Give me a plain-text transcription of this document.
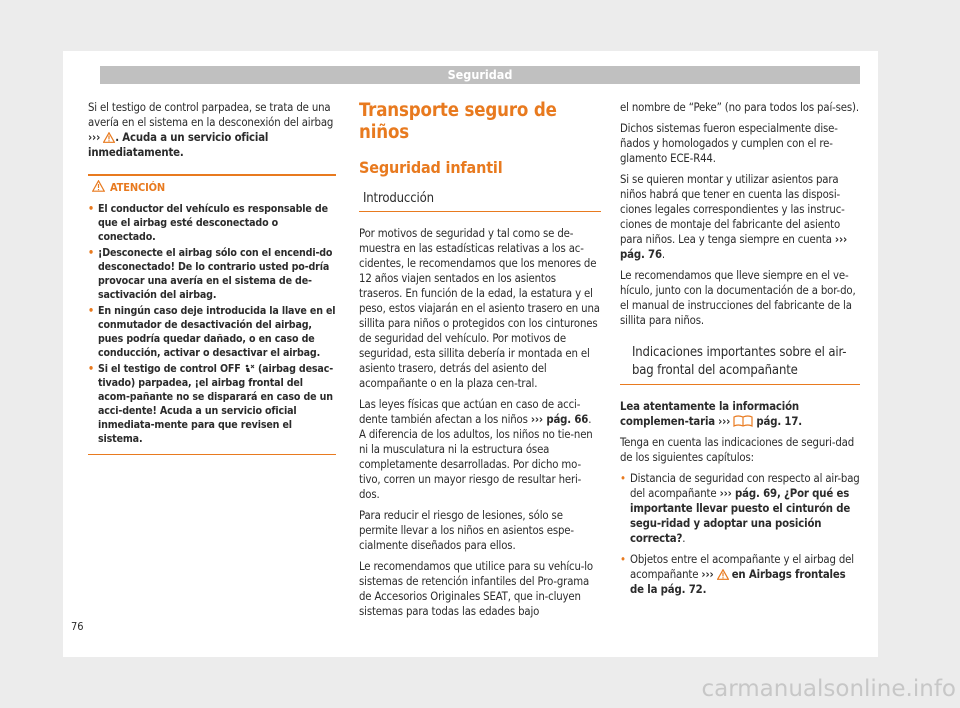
Seguridad

Si el testigo de control parpadea, se trata de una avería en el sistema en la desconexión del airbag ››› . Acuda a un servicio oficial inmediatamente.

ATENCIÓN
• El conductor del vehículo es responsable de que el airbag esté desconectado o conectado.
• ¡Desconecte el airbag sólo con el encendi-do desconectado! De lo contrario usted po-dría provocar una avería en el sistema de de-sactivación del airbag.
• En ningún caso deje introducida la llave en el conmutador de desactivación del airbag, pues podría quedar dañado, o en caso de conducción, activar o desactivar el airbag.
• Si el testigo de control OFF (airbag desac-tivado) parpadea, ¡el airbag frontal del acom-pañante no se disparará en caso de un acci-dente! Acuda a un servicio oficial inmediata-mente para que revisen el sistema.
Transporte seguro de niños
Seguridad infantil
Introducción

Por motivos de seguridad y tal como se de-muestra en las estadísticas relativas a los ac-cidentes, le recomendamos que los menores de 12 años viajen sentados en los asientos traseros. En función de la edad, la estatura y el peso, estos viajarán en el asiento trasero en una sillita para niños o protegidos con los cinturones de seguridad del vehículo. Por motivos de seguridad, esta sillita debería ir montada en el asiento trasero, detrás del asiento del acompañante o en la plaza cen-tral.

Las leyes físicas que actúan en caso de acci-dente también afectan a los niños ››› pág. 66. A diferencia de los adultos, los niños no tie-nen ni la musculatura ni la estructura ósea completamente desarrolladas. Por dicho mo-tivo, corren un mayor riesgo de resultar heri-dos.

Para reducir el riesgo de lesiones, sólo se permite llevar a los niños en asientos espe-cialmente diseñados para ellos.

Le recomendamos que utilice para su vehícu-lo sistemas de retención infantiles del Pro-grama de Accesorios Originales SEAT, que in-cluyen sistemas para todas las edades bajo

el nombre de “Peke” (no para todos los paí-ses).

Dichos sistemas fueron especialmente dise-ñados y homologados y cumplen con el re-glamento ECE-R44.

Si se quieren montar y utilizar asientos para niños habrá que tener en cuenta las disposi-ciones legales correspondientes y las instruc-ciones de montaje del fabricante del asiento para niños. Lea y tenga siempre en cuenta ››› pág. 76.

Le recomendamos que lleve siempre en el ve-hículo, junto con la documentación de a bor-do, el manual de instrucciones del fabricante de la sillita para niños.

Indicaciones importantes sobre el air-bag frontal del acompañante

Lea atentamente la información complemen-taria ››› pág. 17.

Tenga en cuenta las indicaciones de seguri-dad de los siguientes capítulos:

• Distancia de seguridad con respecto al air-bag del acompañante ››› pág. 69, ¿Por qué es importante llevar puesto el cinturón de segu-ridad y adoptar una posición correcta?.
• Objetos entre el acompañante y el airbag del acompañante ››› en Airbags frontales de la pág. 72.
76
carmanualsonline.info
